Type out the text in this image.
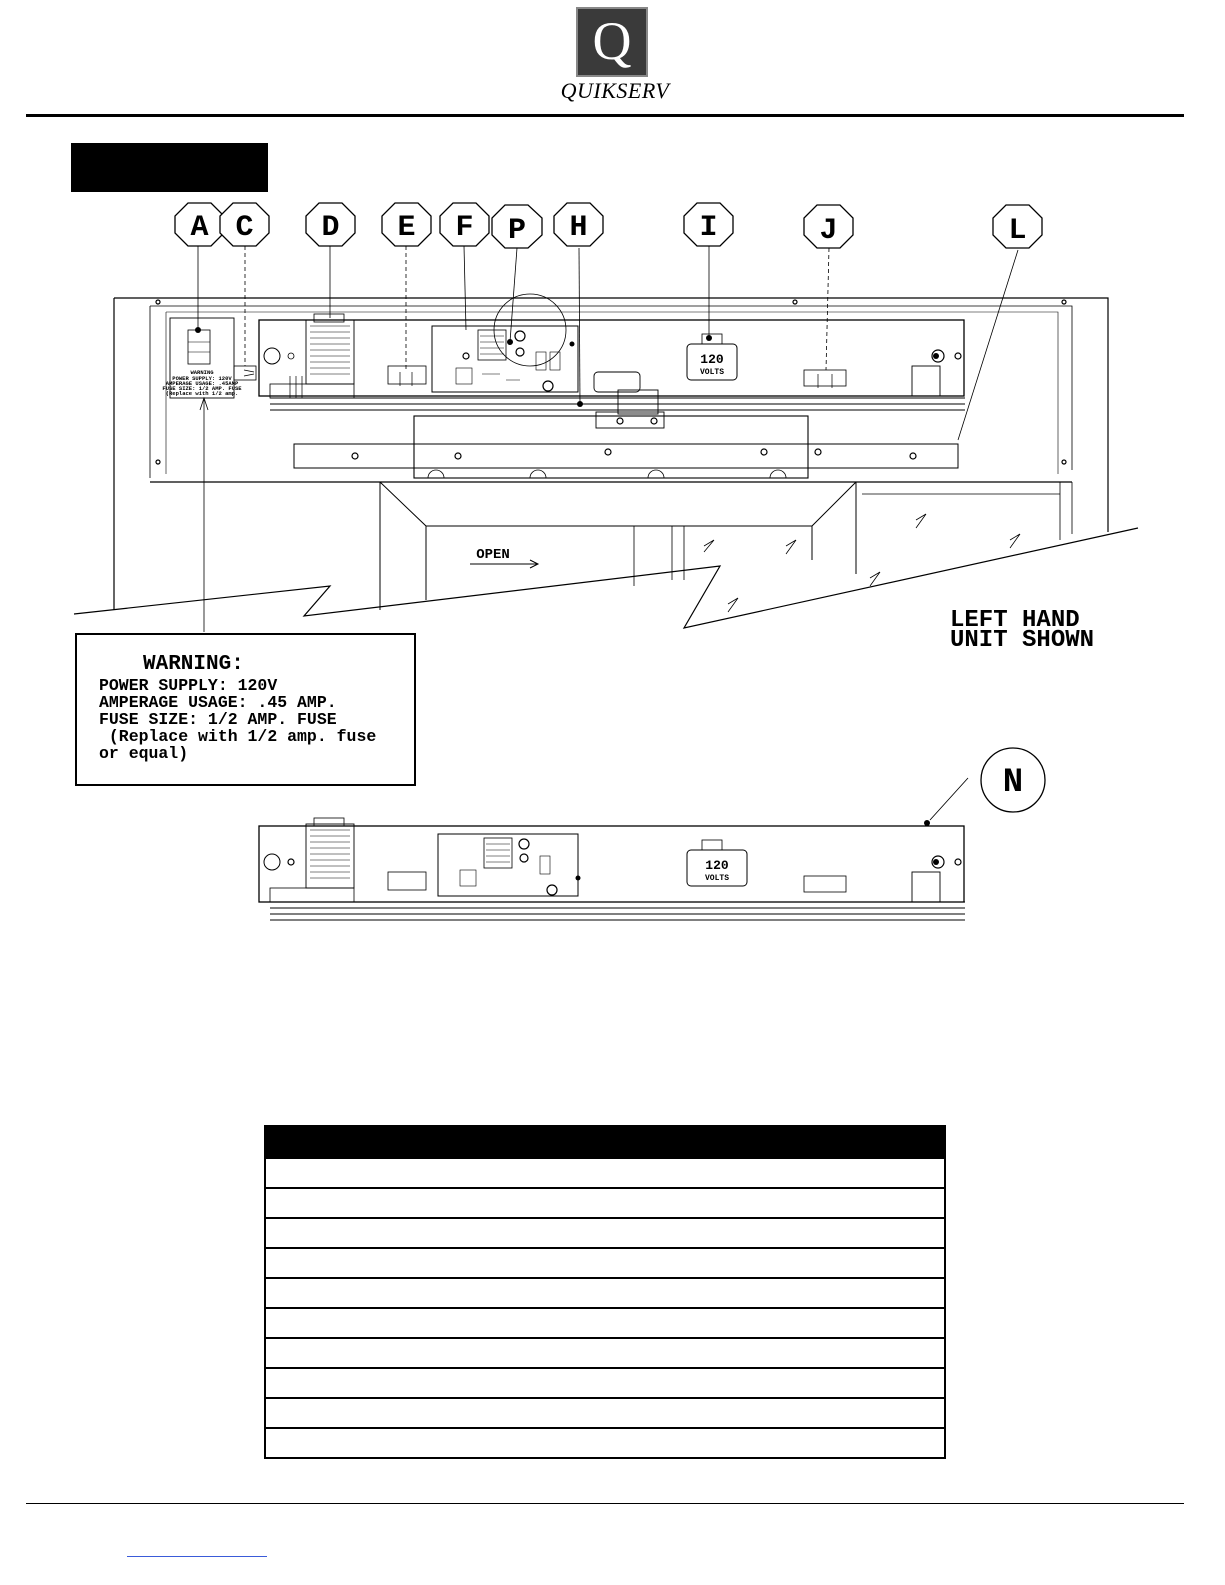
Q
QUIKSERV
A C D E F P H	I	J	L
N
120
VOLTS
120
VOLTS
OPEN
WARNING
POWER SUPPLY: 120V
AMPERAGE USAGE: .45AMP
FUSE SIZE: 1/2 AMP. FUSE
(Replace with 1/2 amp.
WARNING:
POWER SUPPLY: 120V
AMPERAGE USAGE: .45 AMP.
FUSE SIZE: 1/2 AMP. FUSE
(Replace with 1/2 amp. fuse
or equal)
LEFT HAND
UNIT SHOWN
